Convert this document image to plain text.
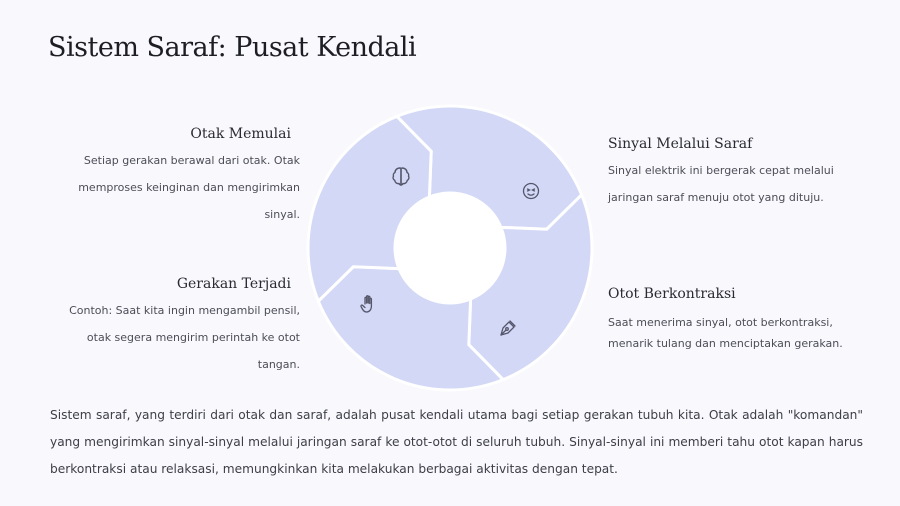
Sistem Saraf: Pusat Kendali
Otak Memulai
Setiap gerakan berawal dari otak. Otak memproses keinginan dan mengirimkan sinyal.
Sinyal Melalui Saraf
Sinyal elektrik ini bergerak cepat melalui jaringan saraf menuju otot yang dituju.
Otot Berkontraksi
Saat menerima sinyal, otot berkontraksi, menarik tulang dan menciptakan gerakan.
Gerakan Terjadi
Contoh: Saat kita ingin mengambil pensil, otak segera mengirim perintah ke otot tangan.

Sistem saraf, yang terdiri dari otak dan saraf, adalah pusat kendali utama bagi setiap gerakan tubuh kita. Otak adalah "komandan" yang mengirimkan sinyal-sinyal melalui jaringan saraf ke otot-otot di seluruh tubuh. Sinyal-sinyal ini memberi tahu otot kapan harus berkontraksi atau relaksasi, memungkinkan kita melakukan berbagai aktivitas dengan tepat.
